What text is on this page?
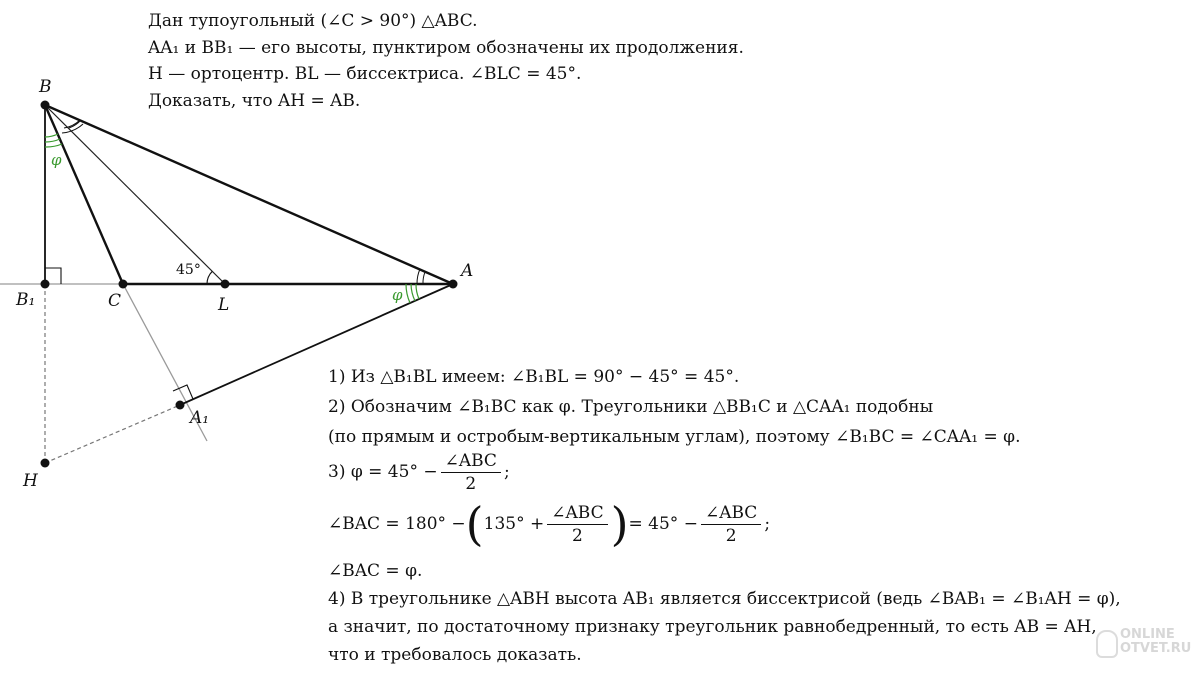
B
B₁	C	L
A
A₁
H
45°
φ
φ
Дан тупоугольный (∠C > 90°) △ABC.
AA₁ и BB₁ — его высоты, пунктиром обозначены их продолжения.
H — ортоцентр. BL — биссектриса. ∠BLC = 45°.
Доказать, что AH = AB.
1) Из △B₁BL имеем: ∠B₁BL = 90° − 45° = 45°.
2) Обозначим ∠B₁BC как φ. Треугольники △BB₁C и △CAA₁ подобны
(по прямым и остробым-вертикальным углам), поэтому ∠B₁BC = ∠CAA₁ = φ.
3) $\varphi = 45^\circ - \frac{\text{∠ABC}}{2}$ ;
∠BAC = 180° − ( $135^\circ + \frac{\text{∠ABC}}{2}$ ) = $45^\circ - \frac{\text{∠ABC}}{2}$ ;
∠BAC = φ.
4) В треугольнике △ABH высота AB₁ является биссектрисой (ведь ∠BAB₁ = ∠B₁AH = φ),
а значит, по достаточному признаку треугольник равнобедренный, то есть AB = AH,
что и требовалось доказать.
ONLINE
OTVET.RU
